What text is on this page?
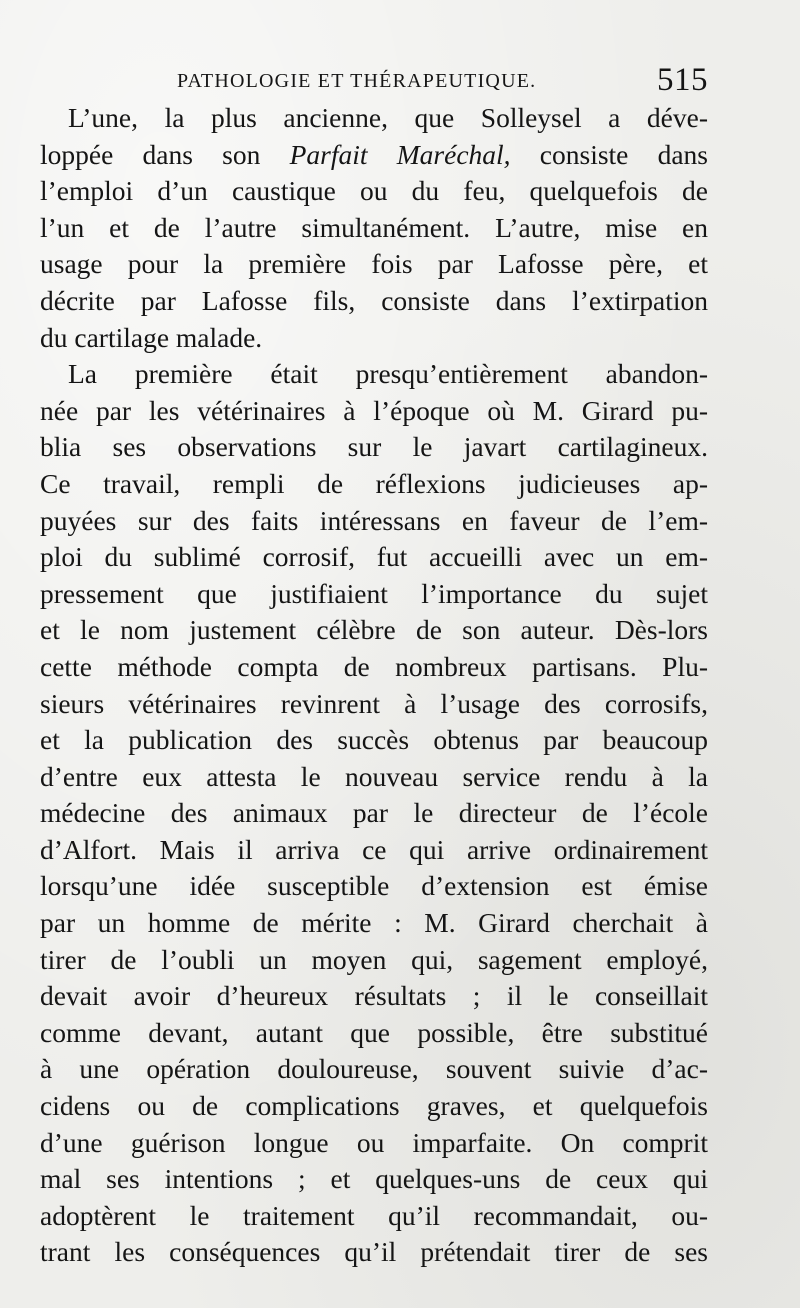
PATHOLOGIE ET THÉRAPEUTIQUE.	515
L’une, la plus ancienne, que Solleysel a déve-
loppée dans son Parfait Maréchal, consiste dans
l’emploi d’un caustique ou du feu, quelquefois de
l’un et de l’autre simultanément. L’autre, mise en
usage pour la première fois par Lafosse père, et
décrite par Lafosse fils, consiste dans l’extirpation
du cartilage malade.
La première était presqu’entièrement abandon-
née par les vétérinaires à l’époque où M. Girard pu-
blia ses observations sur le javart cartilagineux.
Ce travail, rempli de réflexions judicieuses ap-
puyées sur des faits intéressans en faveur de l’em-
ploi du sublimé corrosif, fut accueilli avec un em-
pressement que justifiaient l’importance du sujet
et le nom justement célèbre de son auteur. Dès-lors
cette méthode compta de nombreux partisans. Plu-
sieurs vétérinaires revinrent à l’usage des corrosifs,
et la publication des succès obtenus par beaucoup
d’entre eux attesta le nouveau service rendu à la
médecine des animaux par le directeur de l’école
d’Alfort. Mais il arriva ce qui arrive ordinairement
lorsqu’une idée susceptible d’extension est émise
par un homme de mérite : M. Girard cherchait à
tirer de l’oubli un moyen qui, sagement employé,
devait avoir d’heureux résultats ; il le conseillait
comme devant, autant que possible, être substitué
à une opération douloureuse, souvent suivie d’ac-
cidens ou de complications graves, et quelquefois
d’une guérison longue ou imparfaite. On comprit
mal ses intentions ; et quelques-uns de ceux qui
adoptèrent le traitement qu’il recommandait, ou-
trant les conséquences qu’il prétendait tirer de ses
